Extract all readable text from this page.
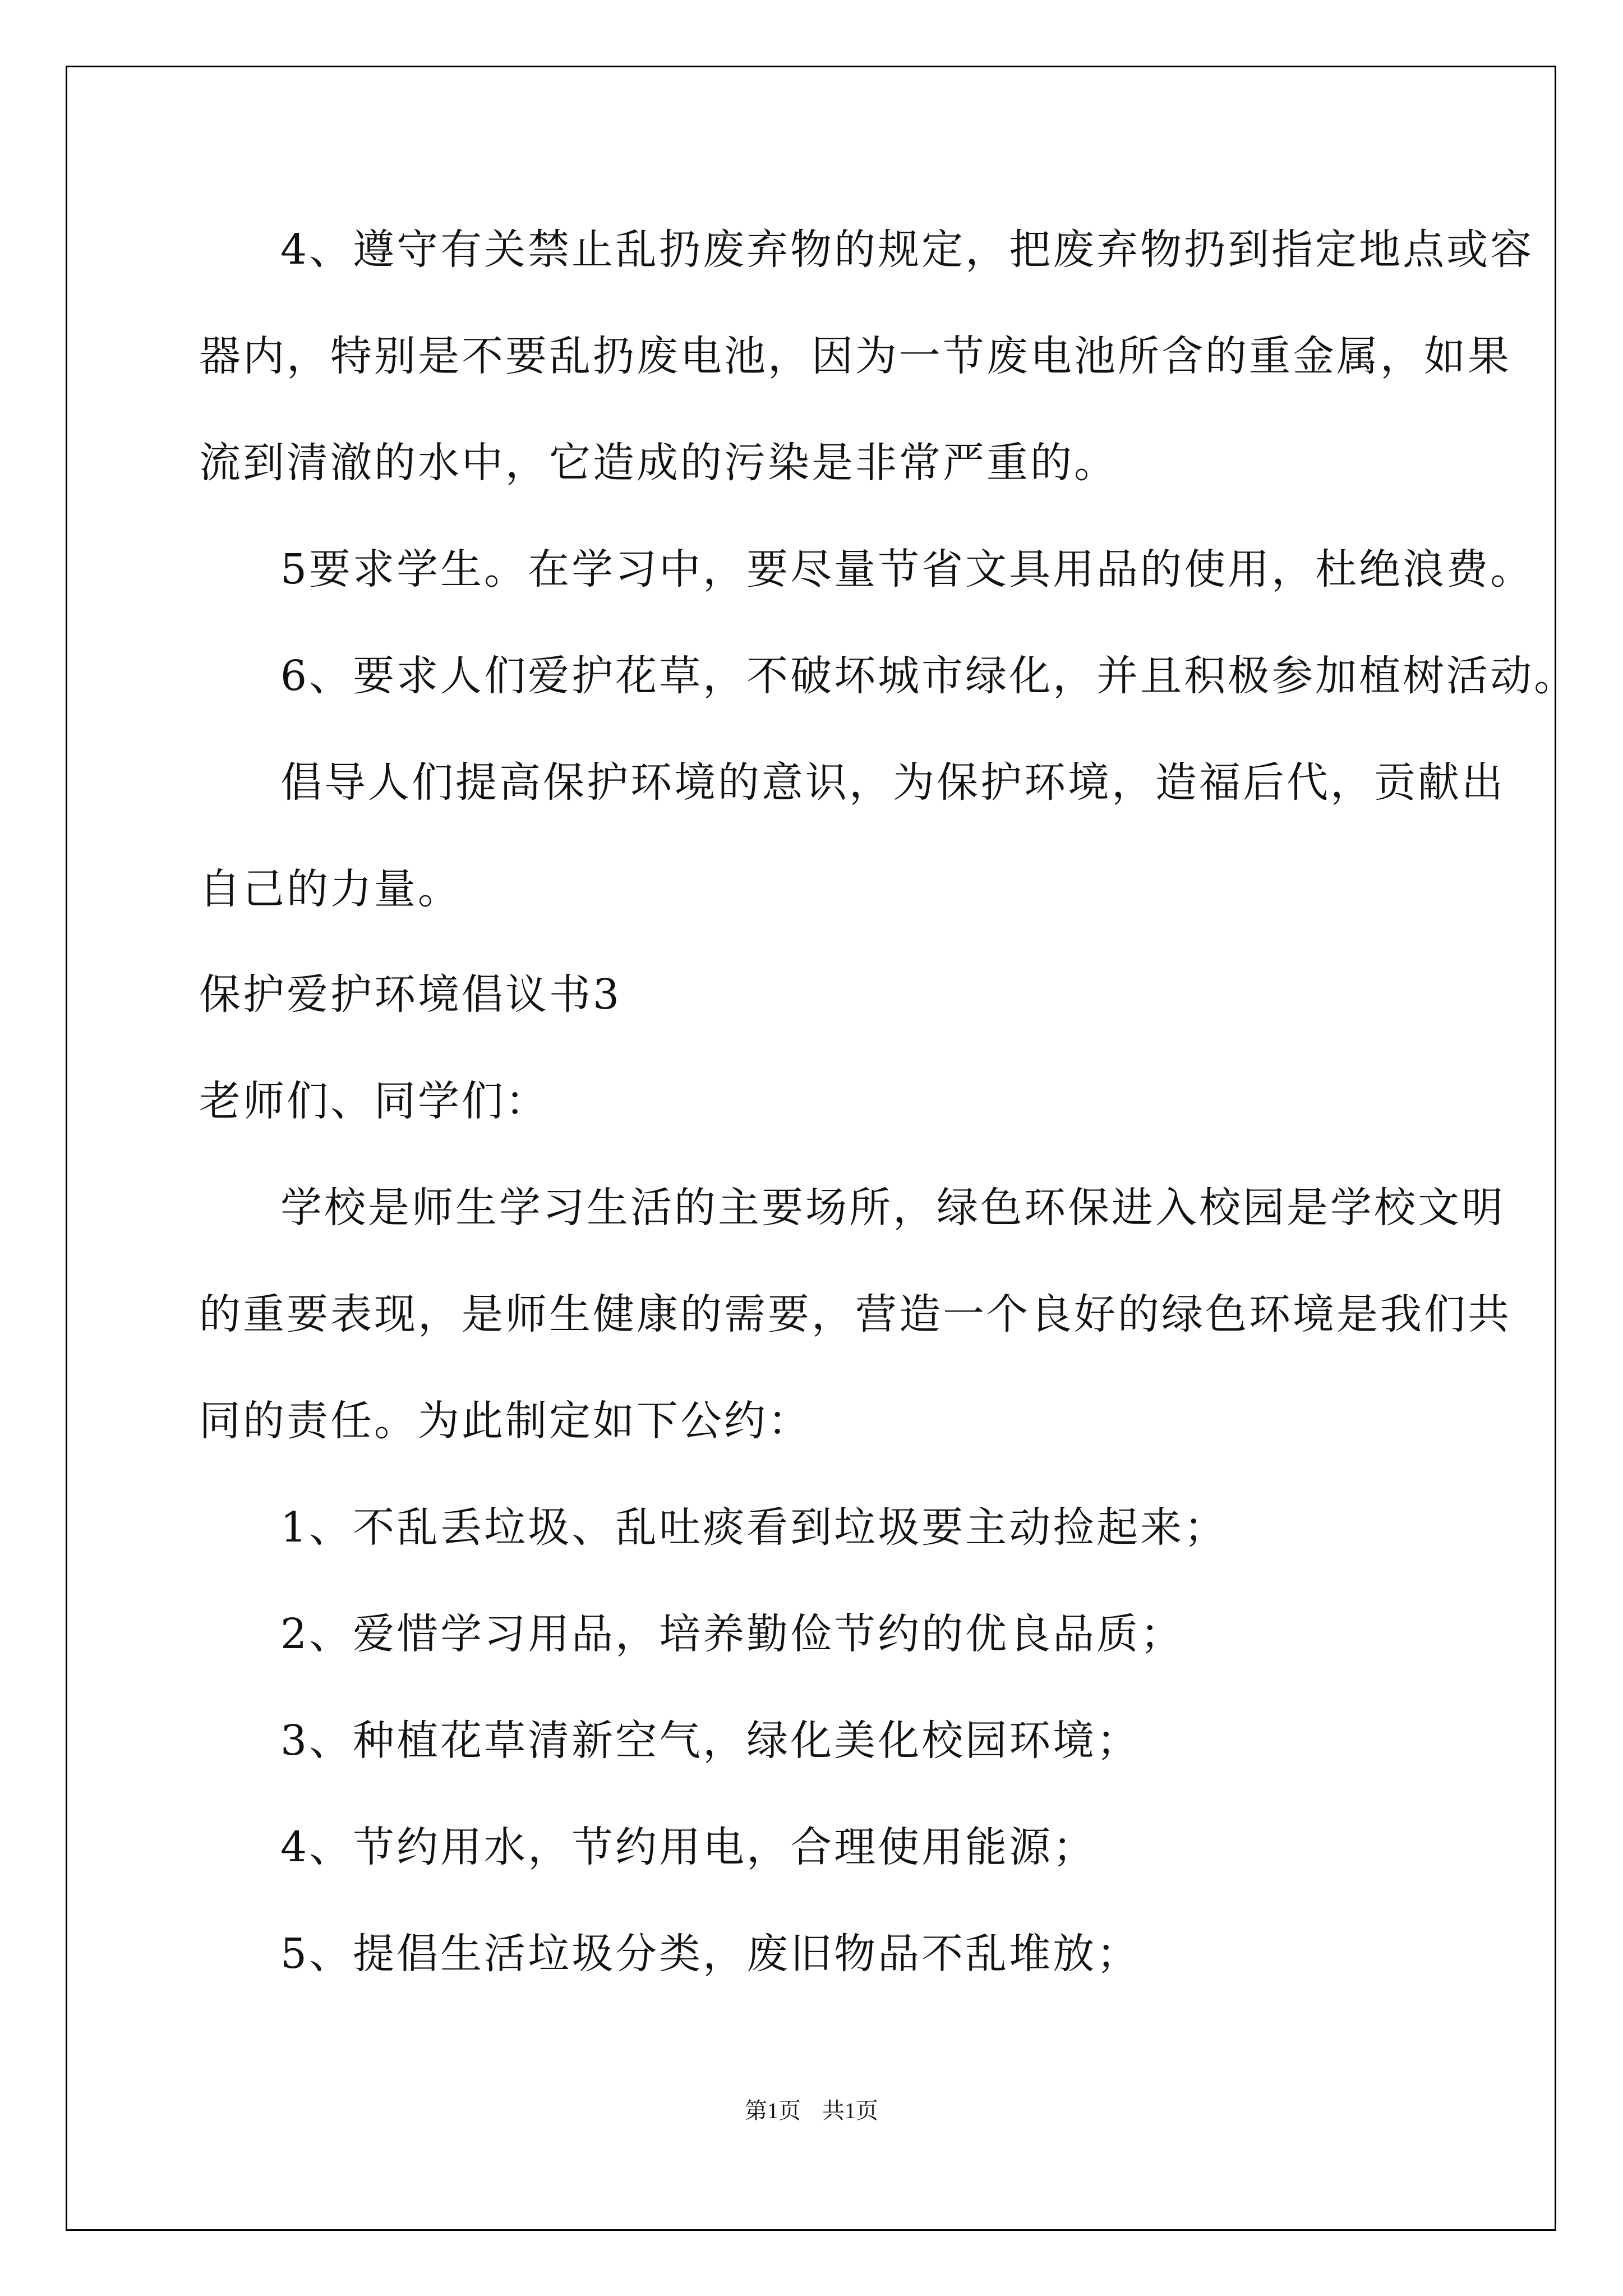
4、遵守有关禁止乱扔废弃物的规定，把废弃物扔到指定地点或容
器内，特别是不要乱扔废电池，因为一节废电池所含的重金属，如果
流到清澈的水中，它造成的污染是非常严重的。
5要求学生。在学习中，要尽量节省文具用品的使用，杜绝浪费。
6、要求人们爱护花草，不破坏城市绿化，并且积极参加植树活动。
倡导人们提高保护环境的意识，为保护环境，造福后代，贡献出
自己的力量。
保护爱护环境倡议书3
老师们、同学们：
学校是师生学习生活的主要场所，绿色环保进入校园是学校文明
的重要表现，是师生健康的需要，营造一个良好的绿色环境是我们共
同的责任。为此制定如下公约：
1、不乱丢垃圾、乱吐痰看到垃圾要主动捡起来；
2、爱惜学习用品，培养勤俭节约的优良品质；
3、种植花草清新空气，绿化美化校园环境；
4、节约用水，节约用电，合理使用能源；
5、提倡生活垃圾分类，废旧物品不乱堆放；
第1页 共1页
